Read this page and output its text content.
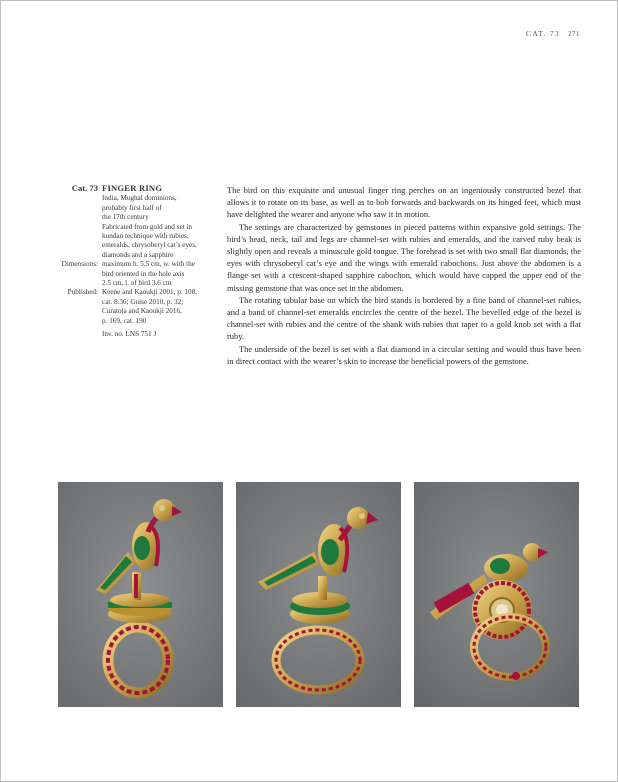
CAT. 73 271
Cat. 73 FINGER RING
India, Mughal dominions,
probably first half of
the 17th century
Fabricated from gold and set in
kundan technique with rubies,
emeralds, chrysoberyl cat’s eyes,
diamonds and a sapphire
Dimensions: maximum h. 5.5 cm, w. with the
bird oriented in the hole axis
2.5 cm, l. of bird 3.6 cm
Published: Keene and Kaoukji 2001, p. 108,
cat. 8.36; Guise 2010, p. 32;
Curatola and Kaoukji 2016,
p. 169, cat. 190
Inv. no. LNS 751 J

The bird on this exquisite and unusual finger ring perches on an ingeniously constructed bezel that allows it to rotate on its base, as well as to bob forwards and backwards on its hinged feet, which must have delighted the wearer and anyone who saw it in motion.

The settings are characterized by gemstones in pieced patterns within expansive gold settings. The bird’s head, neck, tail and legs are channel-set with rubies and emeralds, and the carved ruby beak is slightly open and reveals a minuscule gold tongue. The forehead is set with two small flat diamonds, the eyes with chrysoberyl cat’s eye and the wings with emerald cabochons. Just above the abdomen is a flange set with a crescent-shaped sapphire cabochon, which would have capped the upper end of the missing gemstone that was once set in the abdomen.

The rotating tabular base on which the bird stands is bordered by a fine band of channel-set rubies, and a band of channel-set emeralds encircles the centre of the bezel. The bevelled edge of the bezel is channel-set with rubies and the centre of the shank with rubies that taper to a gold knob set with a flat ruby.

The underside of the bezel is set with a flat diamond in a circular setting and would thus have been in direct contact with the wearer’s skin to increase the beneficial powers of the gemstone.
